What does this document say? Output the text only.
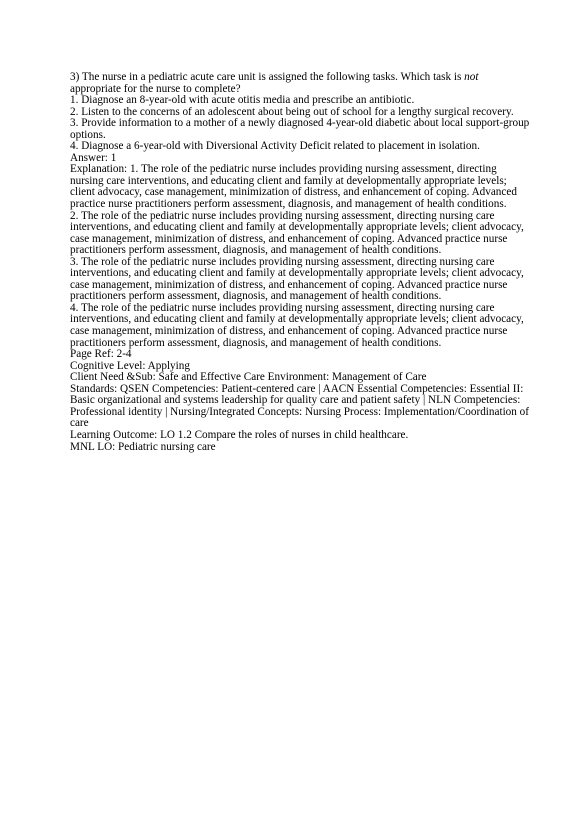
3) The nurse in a pediatric acute care unit is assigned the following tasks. Which task is not appropriate for the nurse to complete?

1. Diagnose an 8-year-old with acute otitis media and prescribe an antibiotic.

2. Listen to the concerns of an adolescent about being out of school for a lengthy surgical recovery.

3. Provide information to a mother of a newly diagnosed 4-year-old diabetic about local support-group options.

4. Diagnose a 6-year-old with Diversional Activity Deficit related to placement in isolation.

Answer: 1

Explanation: 1. The role of the pediatric nurse includes providing nursing assessment, directing nursing care interventions, and educating client and family at developmentally appropriate levels; client advocacy, case management, minimization of distress, and enhancement of coping. Advanced practice nurse practitioners perform assessment, diagnosis, and management of health conditions.

2. The role of the pediatric nurse includes providing nursing assessment, directing nursing care interventions, and educating client and family at developmentally appropriate levels; client advocacy, case management, minimization of distress, and enhancement of coping. Advanced practice nurse practitioners perform assessment, diagnosis, and management of health conditions.

3. The role of the pediatric nurse includes providing nursing assessment, directing nursing care interventions, and educating client and family at developmentally appropriate levels; client advocacy, case management, minimization of distress, and enhancement of coping. Advanced practice nurse practitioners perform assessment, diagnosis, and management of health conditions.

4. The role of the pediatric nurse includes providing nursing assessment, directing nursing care interventions, and educating client and family at developmentally appropriate levels; client advocacy, case management, minimization of distress, and enhancement of coping. Advanced practice nurse practitioners perform assessment, diagnosis, and management of health conditions.

Page Ref: 2-4

Cognitive Level: Applying

Client Need &Sub: Safe and Effective Care Environment: Management of Care

Standards: QSEN Competencies: Patient-centered care | AACN Essential Competencies: Essential II: Basic organizational and systems leadership for quality care and patient safety | NLN Competencies: Professional identity | Nursing/Integrated Concepts: Nursing Process: Implementation/Coordination of care

Learning Outcome: LO 1.2 Compare the roles of nurses in child healthcare.

MNL LO: Pediatric nursing care
